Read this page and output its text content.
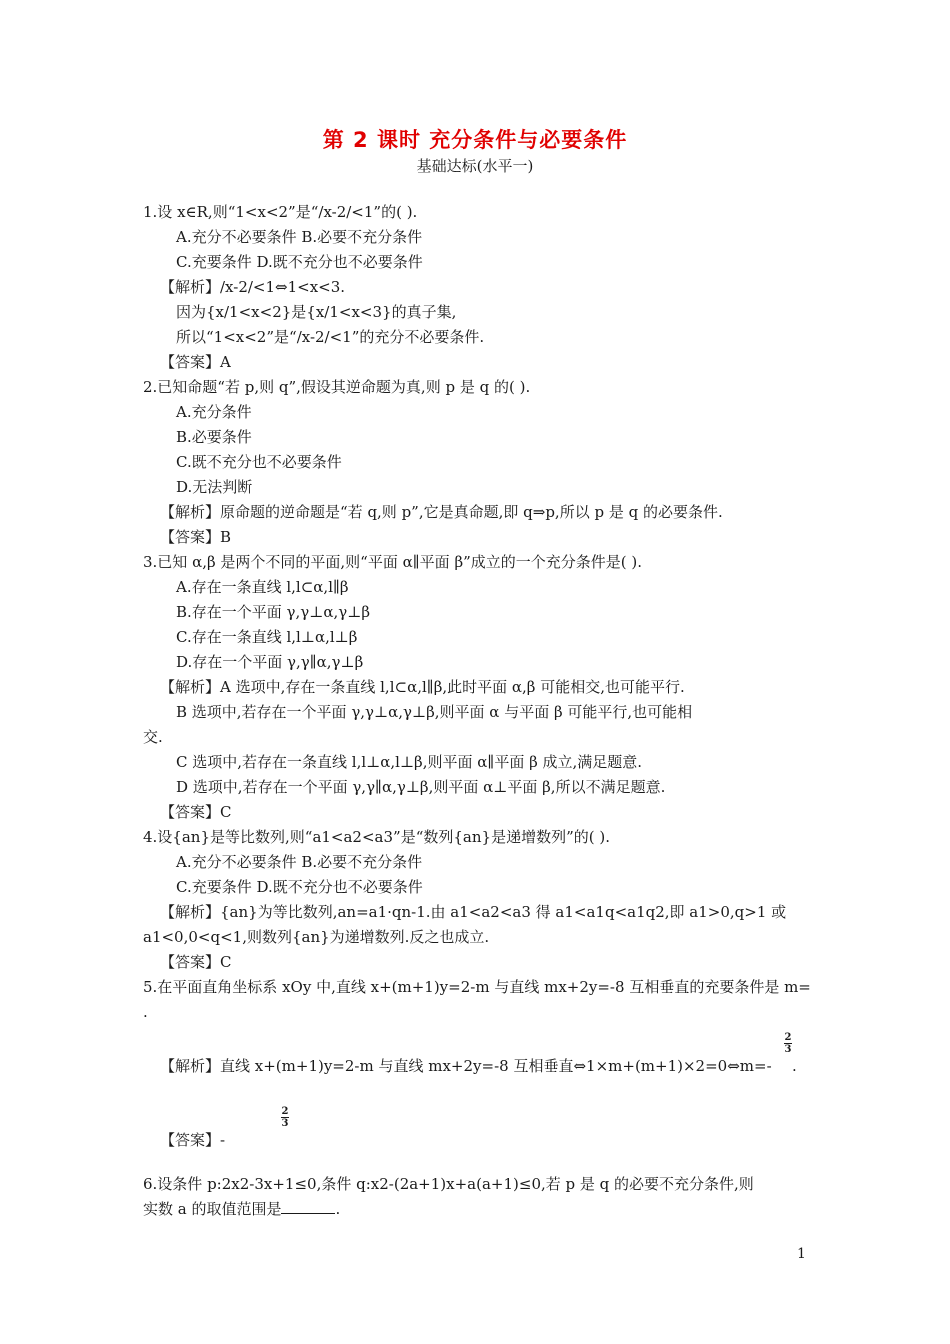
第 2 课时 充分条件与必要条件
基础达标(水平一)
1.设 x∈R,则“1<x<2”是“/x-2/<1”的( ).
A.充分不必要条件 B.必要不充分条件
C.充要条件 D.既不充分也不必要条件
【解析】/x-2/<1⇔1<x<3.
因为{x/1<x<2}是{x/1<x<3}的真子集,
所以“1<x<2”是“/x-2/<1”的充分不必要条件.
【答案】A
2.已知命题“若 p,则 q”,假设其逆命题为真,则 p 是 q 的( ).
A.充分条件
B.必要条件
C.既不充分也不必要条件
D.无法判断
【解析】原命题的逆命题是“若 q,则 p”,它是真命题,即 q⇒p,所以 p 是 q 的必要条件.
【答案】B
3.已知 α,β 是两个不同的平面,则“平面 α∥平面 β”成立的一个充分条件是( ).
A.存在一条直线 l,l⊂α,l∥β
B.存在一个平面 γ,γ⊥α,γ⊥β
C.存在一条直线 l,l⊥α,l⊥β
D.存在一个平面 γ,γ∥α,γ⊥β
【解析】A 选项中,存在一条直线 l,l⊂α,l∥β,此时平面 α,β 可能相交,也可能平行.
B 选项中,若存在一个平面 γ,γ⊥α,γ⊥β,则平面 α 与平面 β 可能平行,也可能相
交.
C 选项中,若存在一条直线 l,l⊥α,l⊥β,则平面 α∥平面 β 成立,满足题意.
D 选项中,若存在一个平面 γ,γ∥α,γ⊥β,则平面 α⊥平面 β,所以不满足题意.
【答案】C
4.设{an}是等比数列,则“a1<a2<a3”是“数列{an}是递增数列”的( ).
A.充分不必要条件 B.必要不充分条件
C.充要条件 D.既不充分也不必要条件
【解析】{an}为等比数列,an=a1·qn-1.由 a1<a2<a3 得 a1<a1q<a1q2,即 a1>0,q>1 或
a1<0,0<q<1,则数列{an}为递增数列.反之也成立.
【答案】C
5.在平面直角坐标系 xOy 中,直线 x+(m+1)y=2-m 与直线 mx+2y=-8 互相垂直的充要条件是 m=
.
2
3
【解析】直线 x+(m+1)y=2-m 与直线 mx+2y=-8 互相垂直⇔1×m+(m+1)×2=0⇔m=- .
2
3
【答案】-
6.设条件 p:2x2-3x+1≤0,条件 q:x2-(2a+1)x+a(a+1)≤0,若 p 是 q 的必要不充分条件,则
实数 a 的取值范围是	.
1
